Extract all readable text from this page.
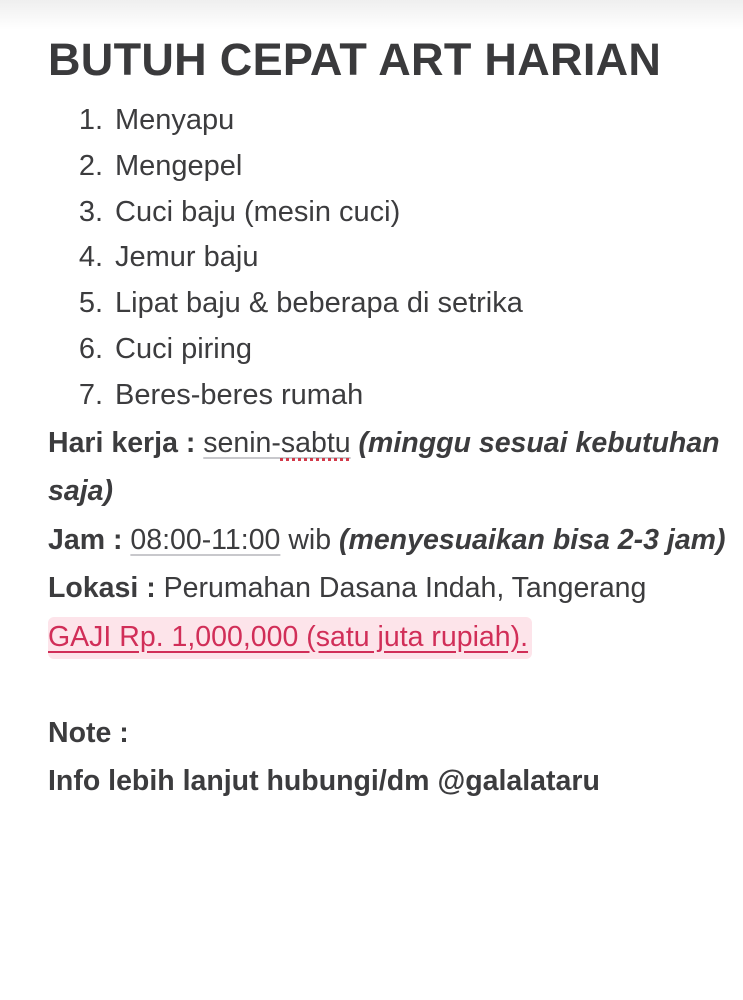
BUTUH CEPAT ART HARIAN
1. Menyapu
2. Mengepel
3. Cuci baju (mesin cuci)
4. Jemur baju
5. Lipat baju & beberapa di setrika
6. Cuci piring
7. Beres-beres rumah
Hari kerja : senin-sabtu (minggu sesuai kebutuhan saja)
Jam : 08:00-11:00 wib (menyesuaikan bisa 2-3 jam)
Lokasi : Perumahan Dasana Indah, Tangerang
GAJI Rp. 1,000,000 (satu juta rupiah).
Note :
Info lebih lanjut hubungi/dm @galalataru
